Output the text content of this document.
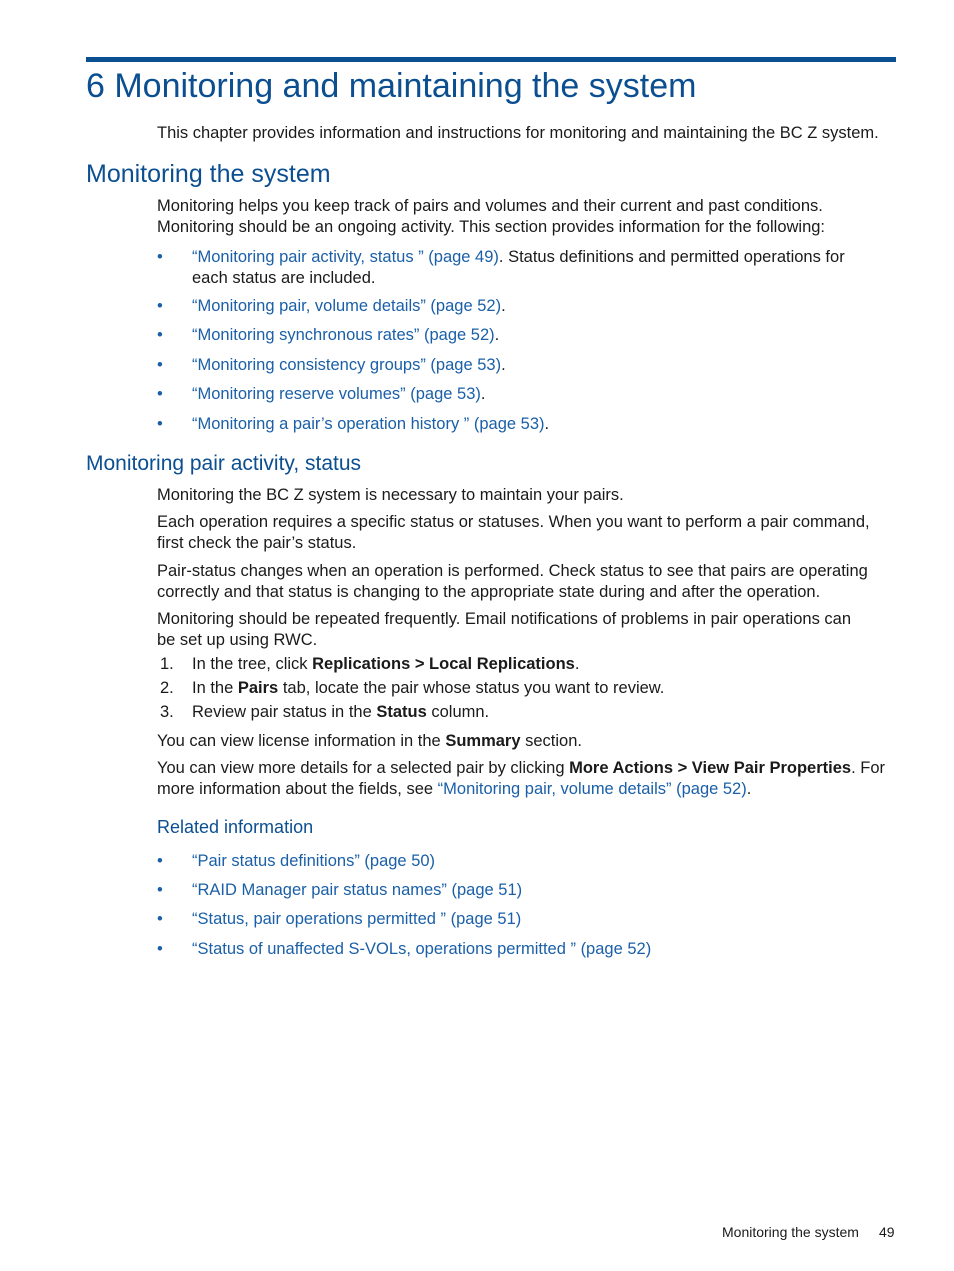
6 Monitoring and maintaining the system

This chapter provides information and instructions for monitoring and maintaining the BC Z system.

Monitoring the system
Monitoring helps you keep track of pairs and volumes and their current and past conditions.
Monitoring should be an ongoing activity. This section provides information for the following:
• “Monitoring pair activity, status ” (page 49). Status definitions and permitted operations for
each status are included.
• “Monitoring pair, volume details” (page 52).
• “Monitoring synchronous rates” (page 52).
• “Monitoring consistency groups” (page 53).
• “Monitoring reserve volumes” (page 53).
• “Monitoring a pair’s operation history ” (page 53).
Monitoring pair activity, status

Monitoring the BC Z system is necessary to maintain your pairs.

Each operation requires a specific status or statuses. When you want to perform a pair command,
first check the pair’s status.
Pair-status changes when an operation is performed. Check status to see that pairs are operating
correctly and that status is changing to the appropriate state during and after the operation.
Monitoring should be repeated frequently. Email notifications of problems in pair operations can
be set up using RWC.
1. In the tree, click Replications > Local Replications.
2. In the Pairs tab, locate the pair whose status you want to review.
3. Review pair status in the Status column.

You can view license information in the Summary section.

You can view more details for a selected pair by clicking More Actions > View Pair Properties. For
more information about the fields, see “Monitoring pair, volume details” (page 52).
Related information
• “Pair status definitions” (page 50)
• “RAID Manager pair status names” (page 51)
• “Status, pair operations permitted ” (page 51)
• “Status of unaffected S-VOLs, operations permitted ” (page 52)
Monitoring the system 49
